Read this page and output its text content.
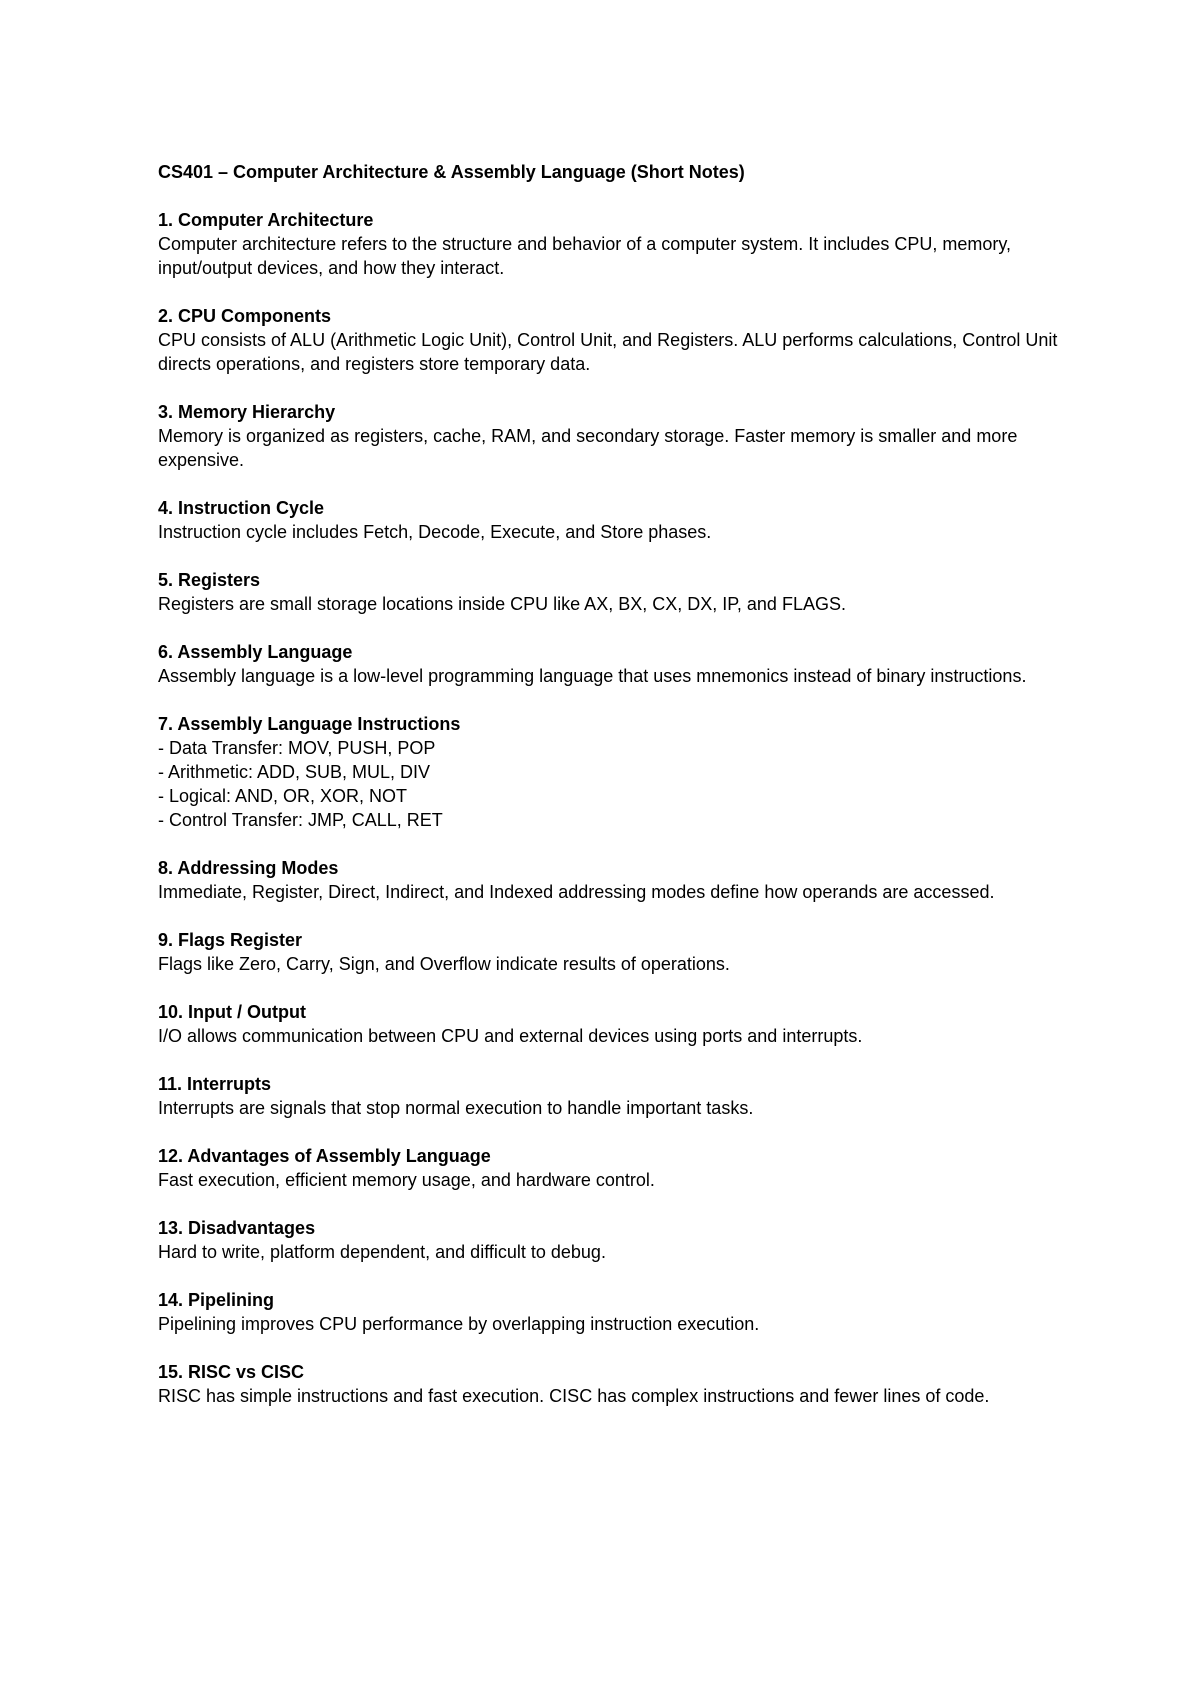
CS401 – Computer Architecture & Assembly Language (Short Notes)

1. Computer Architecture

Computer architecture refers to the structure and behavior of a computer system. It includes CPU, memory, input/output devices, and how they interact.

2. CPU Components

CPU consists of ALU (Arithmetic Logic Unit), Control Unit, and Registers. ALU performs calculations, Control Unit directs operations, and registers store temporary data.

3. Memory Hierarchy

Memory is organized as registers, cache, RAM, and secondary storage. Faster memory is smaller and more expensive.

4. Instruction Cycle

Instruction cycle includes Fetch, Decode, Execute, and Store phases.

5. Registers

Registers are small storage locations inside CPU like AX, BX, CX, DX, IP, and FLAGS.

6. Assembly Language

Assembly language is a low-level programming language that uses mnemonics instead of binary instructions.

7. Assembly Language Instructions

- Data Transfer: MOV, PUSH, POP

- Arithmetic: ADD, SUB, MUL, DIV

- Logical: AND, OR, XOR, NOT

- Control Transfer: JMP, CALL, RET

8. Addressing Modes

Immediate, Register, Direct, Indirect, and Indexed addressing modes define how operands are accessed.

9. Flags Register

Flags like Zero, Carry, Sign, and Overflow indicate results of operations.

10. Input / Output

I/O allows communication between CPU and external devices using ports and interrupts.

11. Interrupts

Interrupts are signals that stop normal execution to handle important tasks.

12. Advantages of Assembly Language

Fast execution, efficient memory usage, and hardware control.

13. Disadvantages

Hard to write, platform dependent, and difficult to debug.

14. Pipelining

Pipelining improves CPU performance by overlapping instruction execution.

15. RISC vs CISC

RISC has simple instructions and fast execution. CISC has complex instructions and fewer lines of code.
